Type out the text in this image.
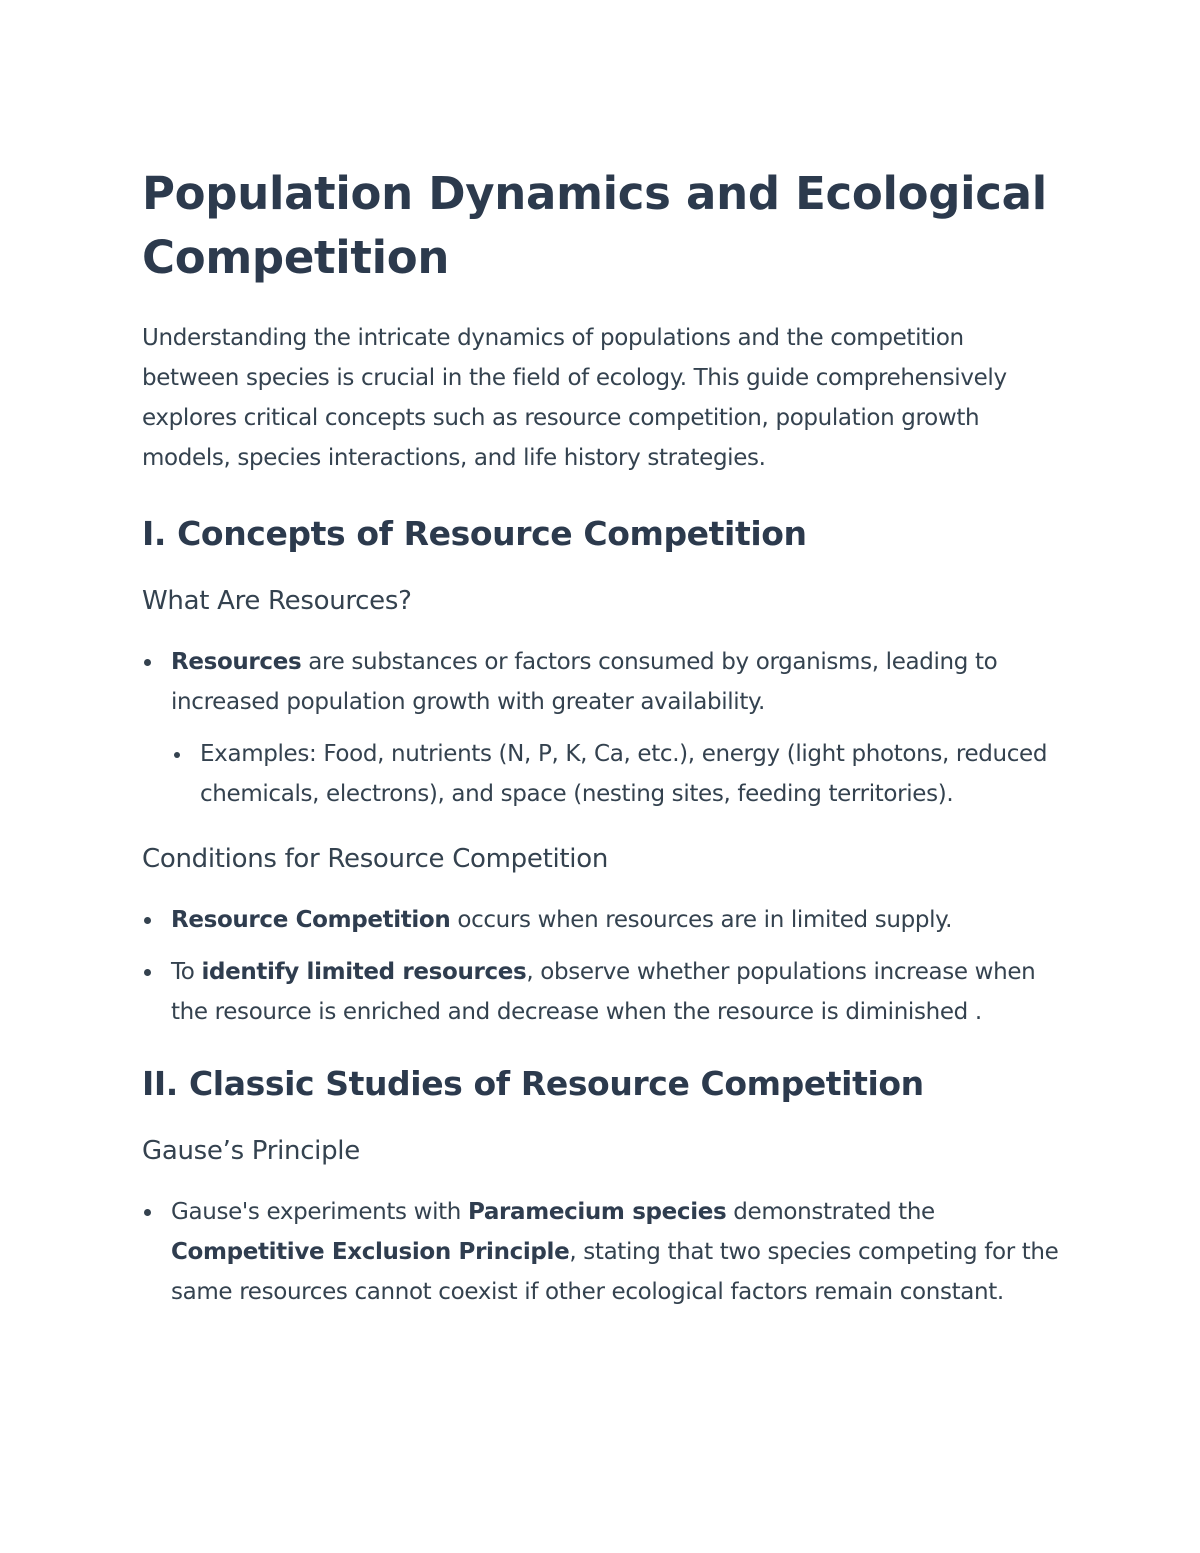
Population Dynamics and Ecological Competition

Understanding the intricate dynamics of populations and the competition between species is crucial in the field of ecology. This guide comprehensively explores critical concepts such as resource competition, population growth models, species interactions, and life history strategies.

I. Concepts of Resource Competition
What Are Resources?
Resources are substances or factors consumed by organisms, leading to increased population growth with greater availability.
Examples: Food, nutrients (N, P, K, Ca, etc.), energy (light photons, reduced chemicals, electrons), and space (nesting sites, feeding territories).
Conditions for Resource Competition
Resource Competition occurs when resources are in limited supply.
To identify limited resources, observe whether populations increase when the resource is enriched and decrease when the resource is diminished .
II. Classic Studies of Resource Competition
Gause’s Principle
Gause's experiments with Paramecium species demonstrated the Competitive Exclusion Principle, stating that two species competing for the same resources cannot coexist if other ecological factors remain constant.
